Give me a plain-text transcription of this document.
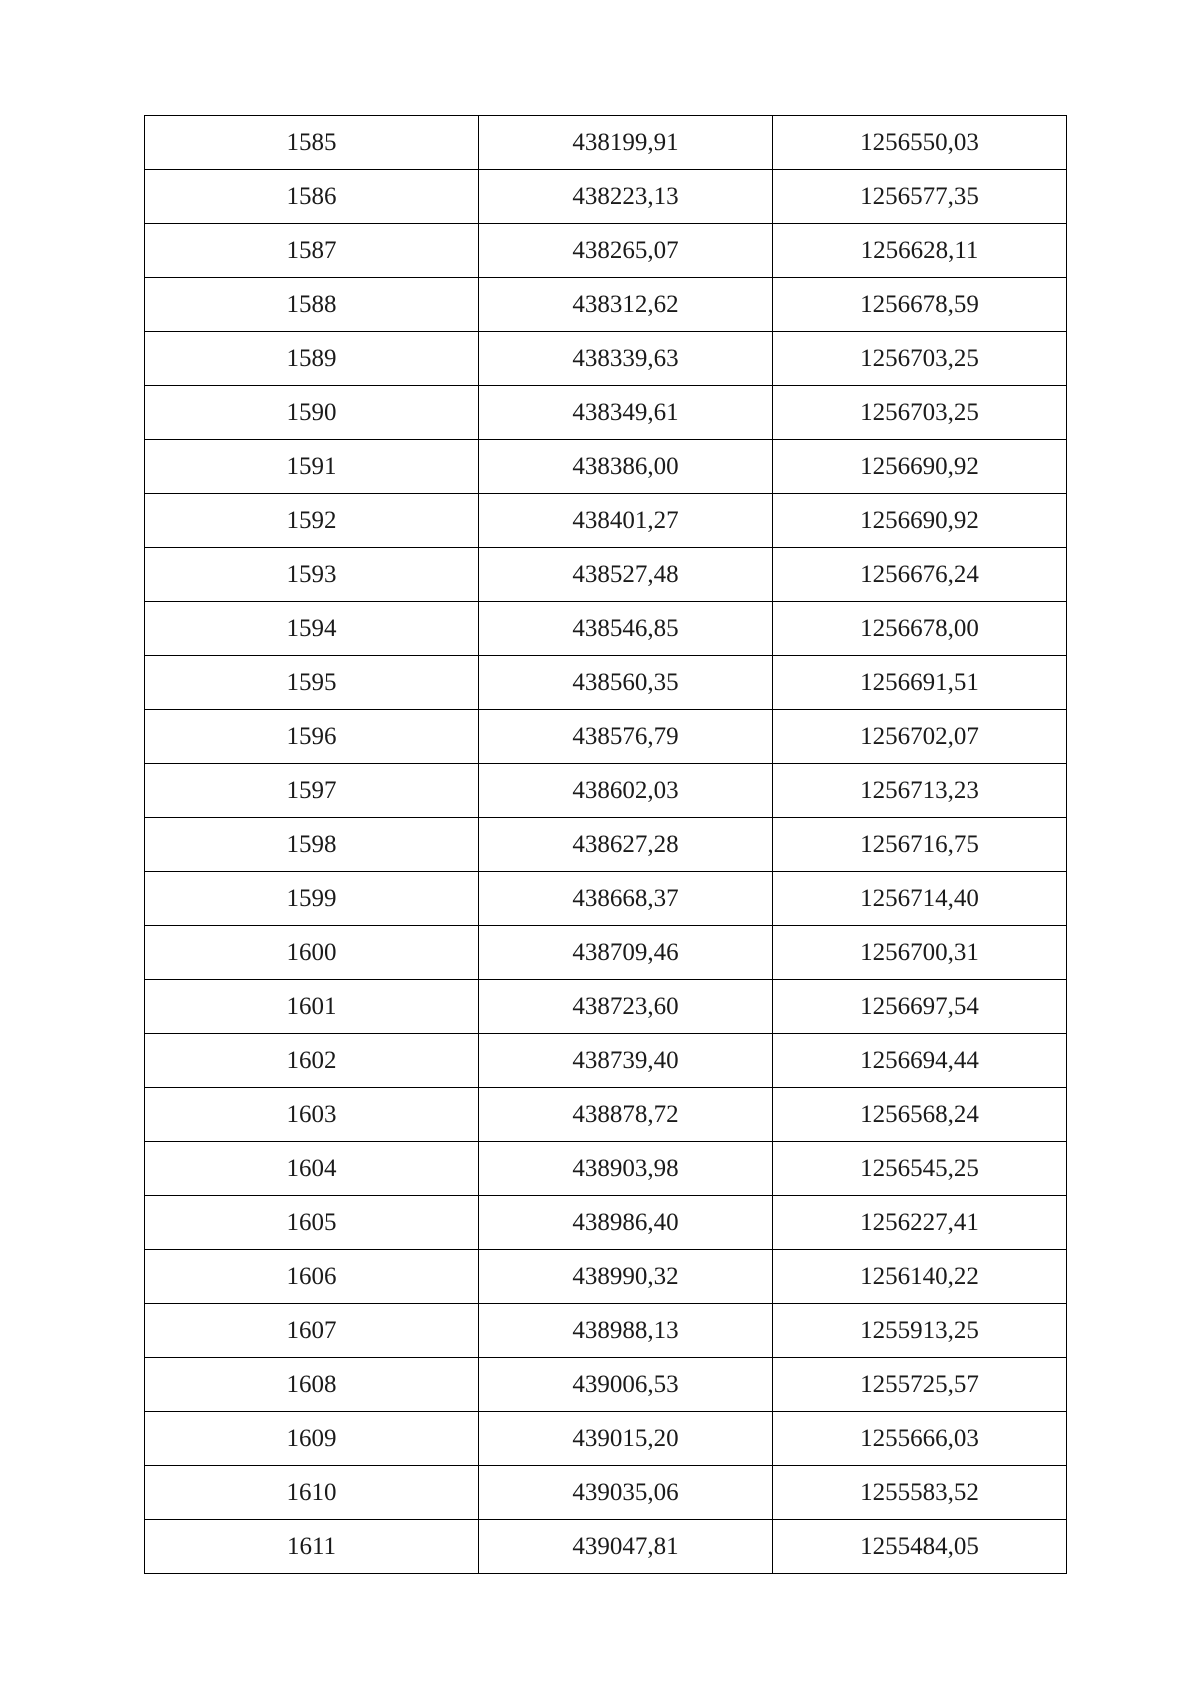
1585	438199,91	1256550,03
1586	438223,13	1256577,35
1587	438265,07	1256628,11
1588	438312,62	1256678,59
1589	438339,63	1256703,25
1590	438349,61	1256703,25
1591	438386,00	1256690,92
1592	438401,27	1256690,92
1593	438527,48	1256676,24
1594	438546,85	1256678,00
1595	438560,35	1256691,51
1596	438576,79	1256702,07
1597	438602,03	1256713,23
1598	438627,28	1256716,75
1599	438668,37	1256714,40
1600	438709,46	1256700,31
1601	438723,60	1256697,54
1602	438739,40	1256694,44
1603	438878,72	1256568,24
1604	438903,98	1256545,25
1605	438986,40	1256227,41
1606	438990,32	1256140,22
1607	438988,13	1255913,25
1608	439006,53	1255725,57
1609	439015,20	1255666,03
1610	439035,06	1255583,52
1611	439047,81	1255484,05
